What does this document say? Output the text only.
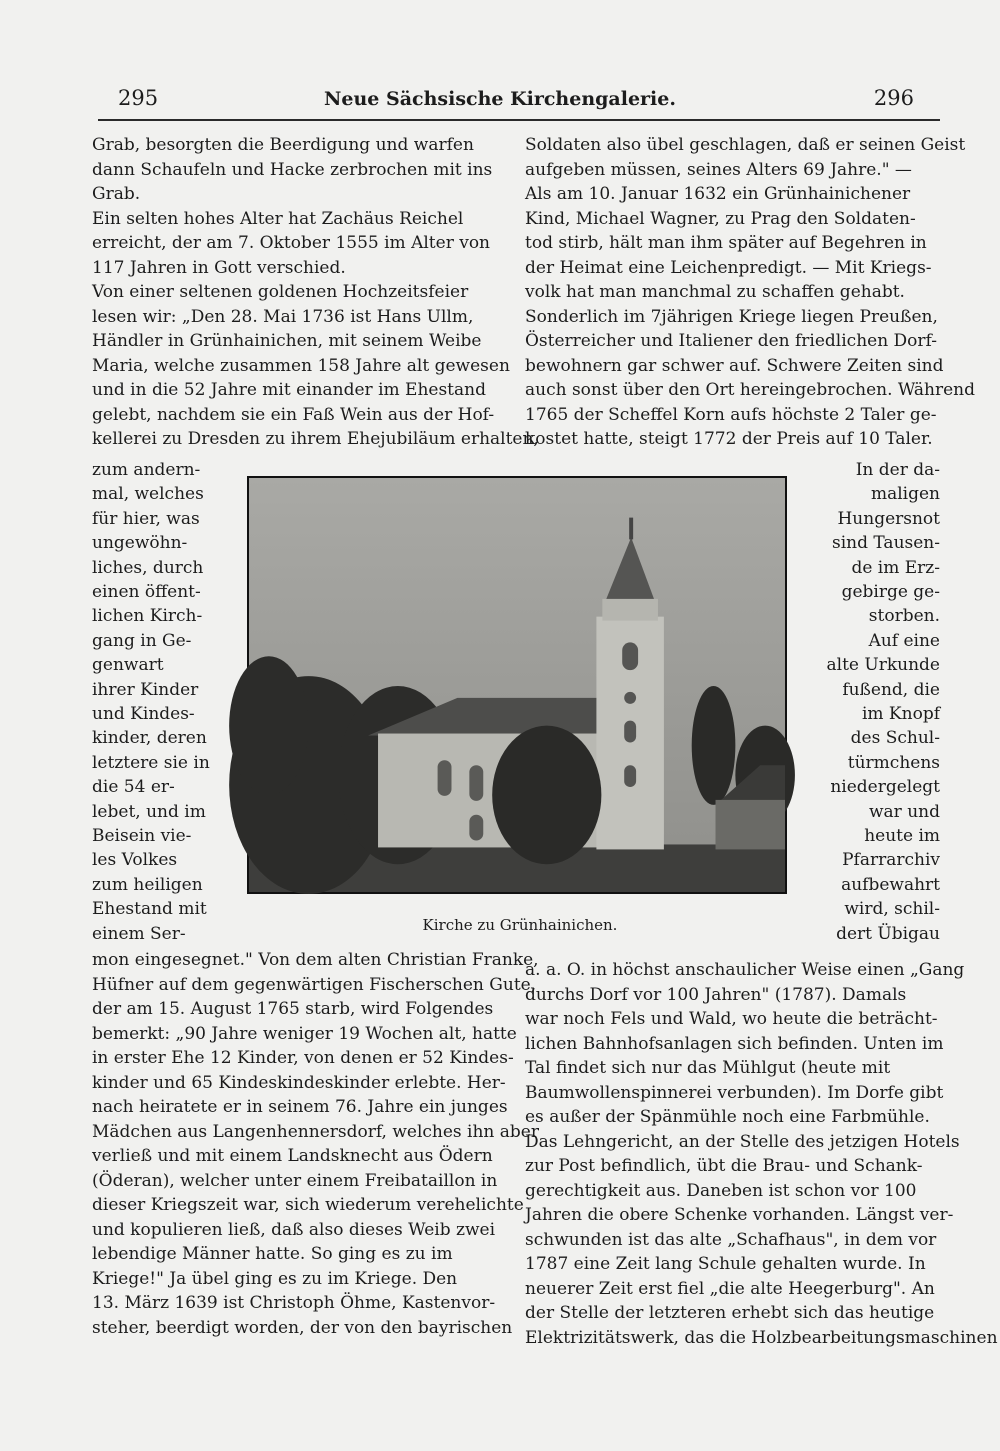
295	Neue Sächsische Kirchengalerie.	296
Grab, besorgten die Beerdigung und warfen
dann Schaufeln und Hacke zerbrochen mit ins
Grab.
Ein selten hohes Alter hat Zachäus Reichel
erreicht, der am 7. Oktober 1555 im Alter von
117 Jahren in Gott verschied.
Von einer seltenen goldenen Hochzeitsfeier
lesen wir: „Den 28. Mai 1736 ist Hans Ullm,
Händler in Grünhainichen, mit seinem Weibe
Maria, welche zusammen 158 Jahre alt gewesen
und in die 52 Jahre mit einander im Ehestand
gelebt, nachdem sie ein Faß Wein aus der Hof-
kellerei zu Dresden zu ihrem Ehejubiläum erhalten,
zum andern-
mal, welches
für hier, was
ungewöhn-
liches, durch
einen öffent-
lichen Kirch-
gang in Ge-
genwart
ihrer Kinder
und Kindes-
kinder, deren
letztere sie in
die 54 er-
lebet, und im
Beisein vie-
les Volkes
zum heiligen
Ehestand mit
einem Ser-
mon eingesegnet." Von dem alten Christian Franke,
Hüfner auf dem gegenwärtigen Fischerschen Gute,
der am 15. August 1765 starb, wird Folgendes
bemerkt: „90 Jahre weniger 19 Wochen alt, hatte
in erster Ehe 12 Kinder, von denen er 52 Kindes-
kinder und 65 Kindeskindeskinder erlebte. Her-
nach heiratete er in seinem 76. Jahre ein junges
Mädchen aus Langenhennersdorf, welches ihn aber
verließ und mit einem Landsknecht aus Ödern
(Öderan), welcher unter einem Freibataillon in
dieser Kriegszeit war, sich wiederum verehelichte
und kopulieren ließ, daß also dieses Weib zwei
lebendige Männer hatte. So ging es zu im
Kriege!" Ja übel ging es zu im Kriege. Den
13. März 1639 ist Christoph Öhme, Kastenvor-
steher, beerdigt worden, der von den bayrischen
Soldaten also übel geschlagen, daß er seinen Geist
aufgeben müssen, seines Alters 69 Jahre." —
Als am 10. Januar 1632 ein Grünhainichener
Kind, Michael Wagner, zu Prag den Soldaten-
tod stirb, hält man ihm später auf Begehren in
der Heimat eine Leichenpredigt. — Mit Kriegs-
volk hat man manchmal zu schaffen gehabt.
Sonderlich im 7jährigen Kriege liegen Preußen,
Österreicher und Italiener den friedlichen Dorf-
bewohnern gar schwer auf. Schwere Zeiten sind
auch sonst über den Ort hereingebrochen. Während
1765 der Scheffel Korn aufs höchste 2 Taler ge-
kostet hatte, steigt 1772 der Preis auf 10 Taler.
In der da-
maligen
Hungersnot
sind Tausen-
de im Erz-
gebirge ge-
storben.
Auf eine
alte Urkunde
fußend, die
im Knopf
des Schul-
türmchens
niedergelegt
war und
heute im
Pfarrarchiv
aufbewahrt
wird, schil-
dert Übigau
a. a. O. in höchst anschaulicher Weise einen „Gang
durchs Dorf vor 100 Jahren" (1787). Damals
war noch Fels und Wald, wo heute die beträcht-
lichen Bahnhofsanlagen sich befinden. Unten im
Tal findet sich nur das Mühlgut (heute mit
Baumwollenspinnerei verbunden). Im Dorfe gibt
es außer der Spänmühle noch eine Farbmühle.
Das Lehngericht, an der Stelle des jetzigen Hotels
zur Post befindlich, übt die Brau- und Schank-
gerechtigkeit aus. Daneben ist schon vor 100
Jahren die obere Schenke vorhanden. Längst ver-
schwunden ist das alte „Schafhaus", in dem vor
1787 eine Zeit lang Schule gehalten wurde. In
neuerer Zeit erst fiel „die alte Heegerburg". An
der Stelle der letzteren erhebt sich das heutige
Elektrizitätswerk, das die Holzbearbeitungsmaschinen
Kirche zu Grünhainichen.
